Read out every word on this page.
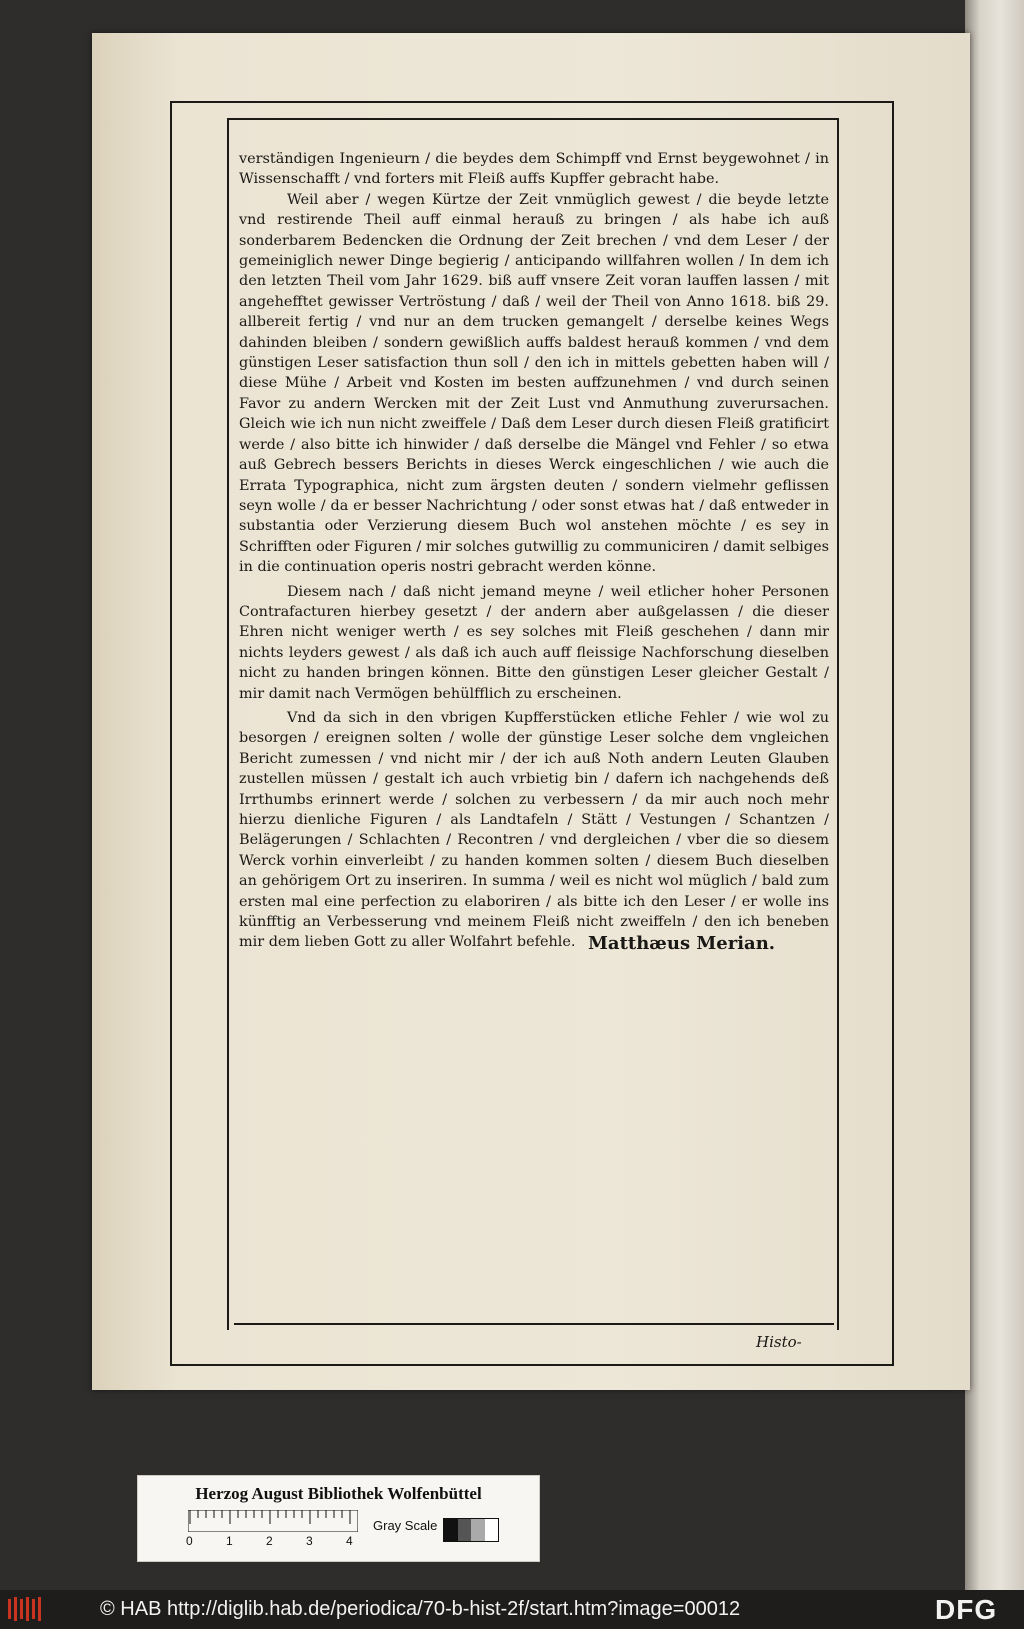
verständigen Ingenieurn / die beydes dem Schimpff vnd Ernst beygewohnet / in Wissenschafft / vnd forters mit Fleiß auffs Kupffer gebracht habe.

Weil aber / wegen Kürtze der Zeit vnmüglich gewest / die beyde letzte vnd restirende Theil auff einmal herauß zu bringen / als habe ich auß sonderbarem Bedencken die Ordnung der Zeit brechen / vnd dem Leser / der gemeiniglich newer Dinge begierig / anticipando willfahren wollen / In dem ich den letzten Theil vom Jahr 1629. biß auff vnsere Zeit voran lauffen lassen / mit angehefftet gewisser Vertröstung / daß / weil der Theil von Anno 1618. biß 29. allbereit fertig / vnd nur an dem trucken gemangelt / derselbe keines Wegs dahinden bleiben / sondern gewißlich auffs baldest herauß kommen / vnd dem günstigen Leser satisfaction thun soll / den ich in mittels gebetten haben will / diese Mühe / Arbeit vnd Kosten im besten auffzunehmen / vnd durch seinen Favor zu andern Wercken mit der Zeit Lust vnd Anmuthung zuverursachen. Gleich wie ich nun nicht zweiffele / Daß dem Leser durch diesen Fleiß gratificirt werde / also bitte ich hinwider / daß derselbe die Mängel vnd Fehler / so etwa auß Gebrech bessers Berichts in dieses Werck eingeschlichen / wie auch die Errata Typographica, nicht zum ärgsten deuten / sondern vielmehr geflissen seyn wolle / da er besser Nachrichtung / oder sonst etwas hat / daß entweder in substantia oder Verzierung diesem Buch wol anstehen möchte / es sey in Schrifften oder Figuren / mir solches gutwillig zu communiciren / damit selbiges in die continuation operis nostri gebracht werden könne.

Diesem nach / daß nicht jemand meyne / weil etlicher hoher Personen Contrafacturen hierbey gesetzt / der andern aber außgelassen / die dieser Ehren nicht weniger werth / es sey solches mit Fleiß geschehen / dann mir nichts leyders gewest / als daß ich auch auff fleissige Nachforschung dieselben nicht zu handen bringen können. Bitte den günstigen Leser gleicher Gestalt / mir damit nach Vermögen behülfflich zu erscheinen.

Vnd da sich in den vbrigen Kupfferstücken etliche Fehler / wie wol zu besorgen / ereignen solten / wolle der günstige Leser solche dem vngleichen Bericht zumessen / vnd nicht mir / der ich auß Noth andern Leuten Glauben zustellen müssen / gestalt ich auch vrbietig bin / dafern ich nachgehends deß Irrthumbs erinnert werde / solchen zu verbessern / da mir auch noch mehr hierzu dienliche Figuren / als Landtafeln / Stätt / Vestungen / Schantzen / Belägerungen / Schlachten / Recontren / vnd dergleichen / vber die so diesem Werck vorhin einverleibt / zu handen kommen solten / diesem Buch dieselben an gehörigem Ort zu inseriren. In summa / weil es nicht wol müglich / bald zum ersten mal eine perfection zu elaboriren / als bitte ich den Leser / er wolle ins künfftig an Verbesserung vnd meinem Fleiß nicht zweiffeln / den ich beneben mir dem lieben Gott zu aller Wolfahrt befehle. Matthæus Merian.
Histo-
Herzog August Bibliothek Wolfenbüttel
0	1	2	3	4
Gray Scale
© HAB http://diglib.hab.de/periodica/70-b-hist-2f/start.htm?image=00012	DFG
